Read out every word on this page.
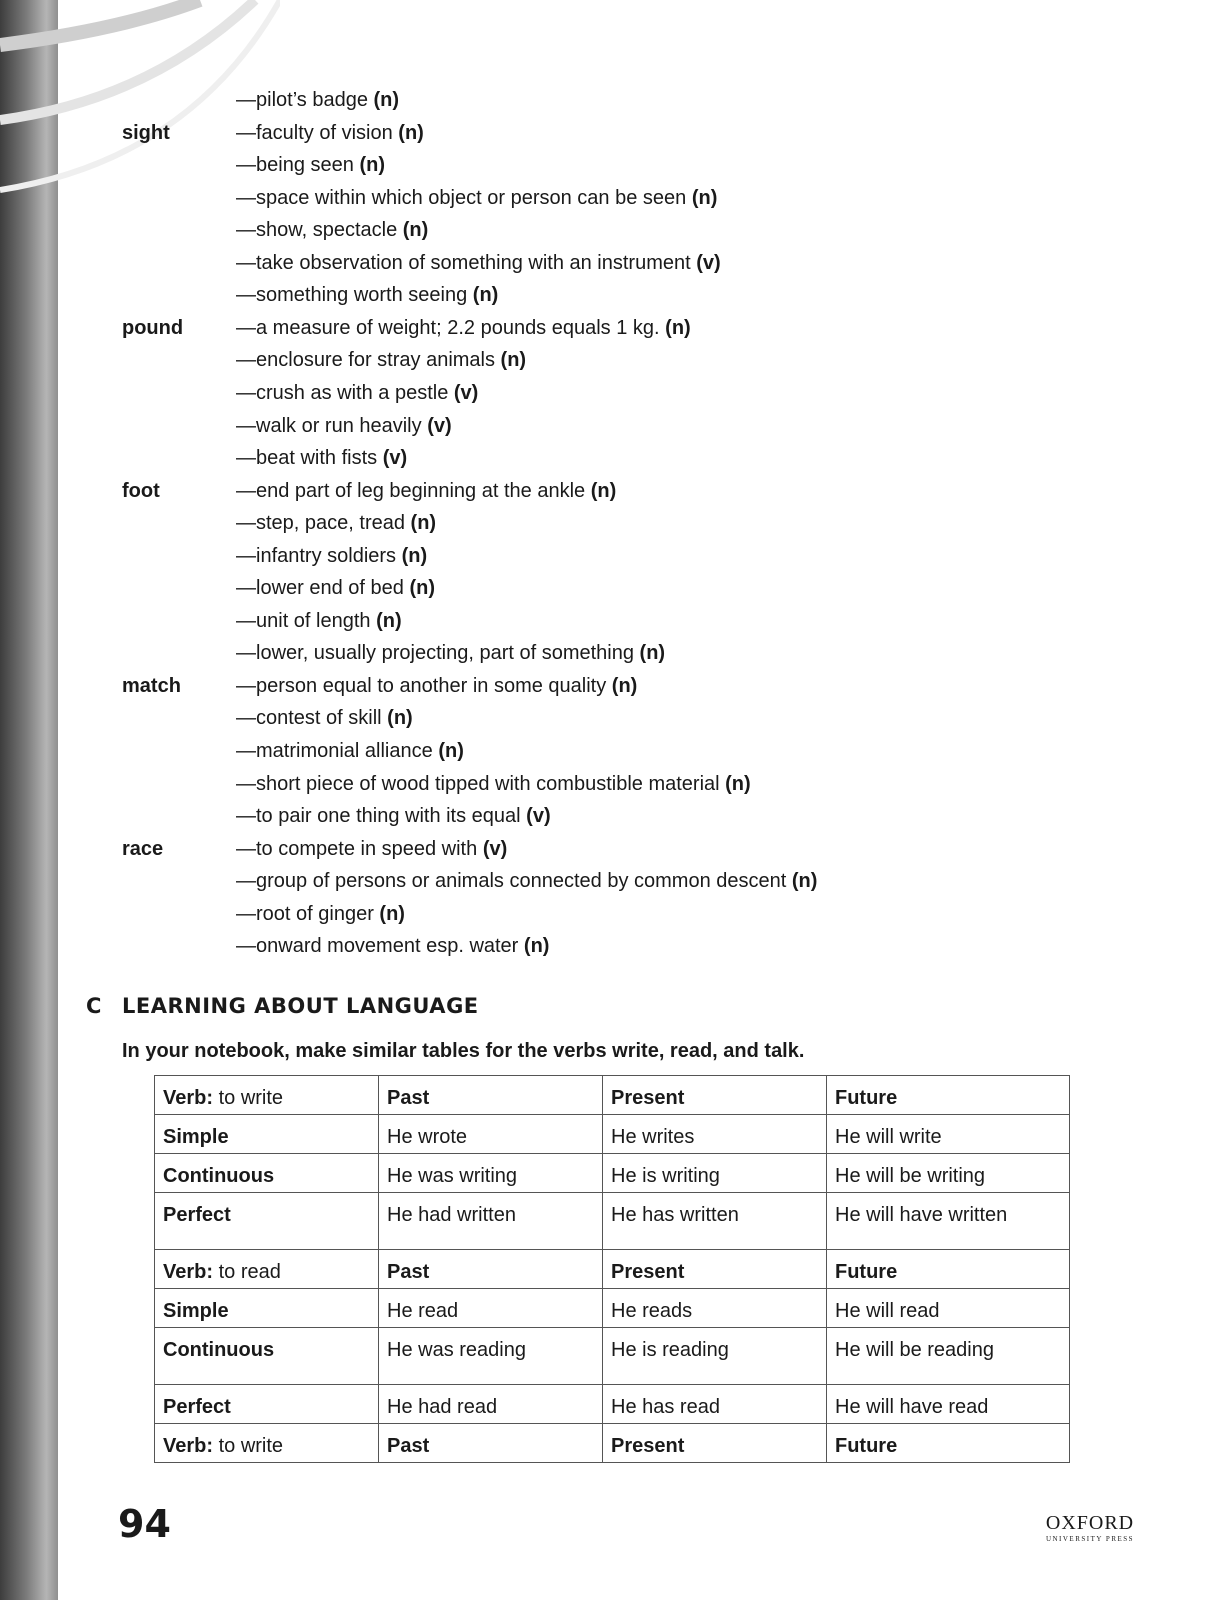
—pilot’s badge (n)
sight	—faculty of vision (n)
—being seen (n)
—space within which object or person can be seen (n)
—show, spectacle (n)
—take observation of something with an instrument (v)
—something worth seeing (n)
pound	—a measure of weight; 2.2 pounds equals 1 kg. (n)
—enclosure for stray animals (n)
—crush as with a pestle (v)
—walk or run heavily (v)
—beat with fists (v)
foot	—end part of leg beginning at the ankle (n)
—step, pace, tread (n)
—infantry soldiers (n)
—lower end of bed (n)
—unit of length (n)
—lower, usually projecting, part of something (n)
match	—person equal to another in some quality (n)
—contest of skill (n)
—matrimonial alliance (n)
—short piece of wood tipped with combustible material (n)
—to pair one thing with its equal (v)
race	—to compete in speed with (v)
—group of persons or animals connected by common descent (n)
—root of ginger (n)
—onward movement esp. water (n)
C LEARNING ABOUT LANGUAGE
In your notebook, make similar tables for the verbs write, read, and talk.
Verb: to write	Past	Present	Future
Simple	He wrote	He writes	He will write
Continuous	He was writing	He is writing	He will be writing
Perfect	He had written	He has written	He will have written
Verb: to read	Past	Present	Future
Simple	He read	He reads	He will read
Continuous	He was reading	He is reading	He will be reading
Perfect	He had read	He has read	He will have read
Verb: to write	Past	Present	Future
94	OXFORD
UNIVERSITY PRESS
